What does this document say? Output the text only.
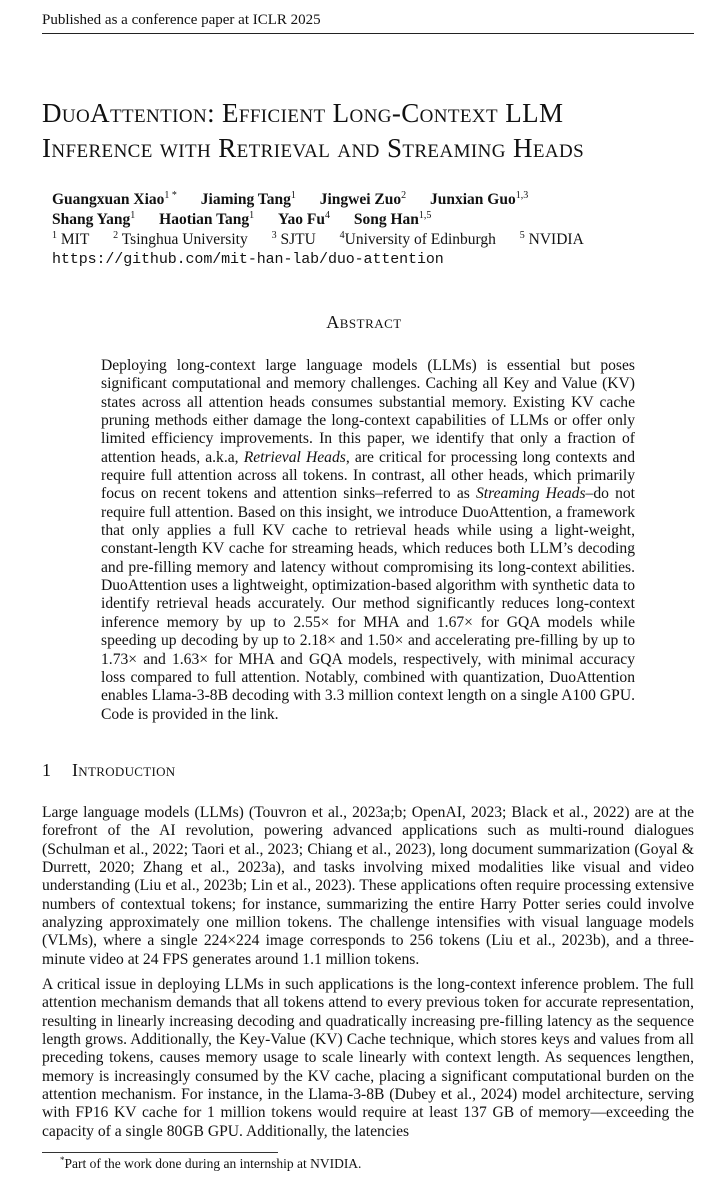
Published as a conference paper at ICLR 2025
DuoAttention: Efficient Long-Context LLM
Inference with Retrieval and Streaming Heads
Guangxuan Xiao$^{1 *}$ Jiaming Tang$^1$ Jingwei Zuo$^2$ Junxian Guo$^{1,3}$
Shang Yang$^1$ Haotian Tang$^1$ Yao Fu$^4$ Song Han$^{1,5}$
$^1$ MIT $^2$ Tsinghua University $^3$ SJTU $^4$University of Edinburgh $^5$ NVIDIA
https://github.com/mit-han-lab/duo-attention
Abstract

Deploying long-context large language models (LLMs) is essential but poses significant computational and memory challenges. Caching all Key and Value (KV) states across all attention heads consumes substantial memory. Existing KV cache pruning methods either damage the long-context capabilities of LLMs or offer only limited efficiency improvements. In this paper, we identify that only a fraction of attention heads, a.k.a, Retrieval Heads, are critical for processing long contexts and require full attention across all tokens. In contrast, all other heads, which primarily focus on recent tokens and attention sinks–referred to as Streaming Heads–do not require full attention. Based on this insight, we introduce DuoAttention, a framework that only applies a full KV cache to retrieval heads while using a light-weight, constant-length KV cache for streaming heads, which reduces both LLM’s decoding and pre-filling memory and latency without compromising its long-context abilities. DuoAttention uses a lightweight, optimization-based algorithm with synthetic data to identify retrieval heads accurately. Our method significantly reduces long-context inference memory by up to 2.55× for MHA and 1.67× for GQA models while speeding up decoding by up to 2.18× and 1.50× and accelerating pre-filling by up to 1.73× and 1.63× for MHA and GQA models, respectively, with minimal accuracy loss compared to full attention. Notably, combined with quantization, DuoAttention enables Llama-3-8B decoding with 3.3 million context length on a single A100 GPU. Code is provided in the link.

1 Introduction

Large language models (LLMs) (Touvron et al., 2023a;b; OpenAI, 2023; Black et al., 2022) are at the forefront of the AI revolution, powering advanced applications such as multi-round dialogues (Schulman et al., 2022; Taori et al., 2023; Chiang et al., 2023), long document summarization (Goyal & Durrett, 2020; Zhang et al., 2023a), and tasks involving mixed modalities like visual and video understanding (Liu et al., 2023b; Lin et al., 2023). These applications often require processing extensive numbers of contextual tokens; for instance, summarizing the entire Harry Potter series could involve analyzing approximately one million tokens. The challenge intensifies with visual language models (VLMs), where a single 224×224 image corresponds to 256 tokens (Liu et al., 2023b), and a three-minute video at 24 FPS generates around 1.1 million tokens.

A critical issue in deploying LLMs in such applications is the long-context inference problem. The full attention mechanism demands that all tokens attend to every previous token for accurate representation, resulting in linearly increasing decoding and quadratically increasing pre-filling latency as the sequence length grows. Additionally, the Key-Value (KV) Cache technique, which stores keys and values from all preceding tokens, causes memory usage to scale linearly with context length. As sequences lengthen, memory is increasingly consumed by the KV cache, placing a significant computational burden on the attention mechanism. For instance, in the Llama-3-8B (Dubey et al., 2024) model architecture, serving with FP16 KV cache for 1 million tokens would require at least 137 GB of memory—exceeding the capacity of a single 80GB GPU. Additionally, the latencies

*Part of the work done during an internship at NVIDIA.
